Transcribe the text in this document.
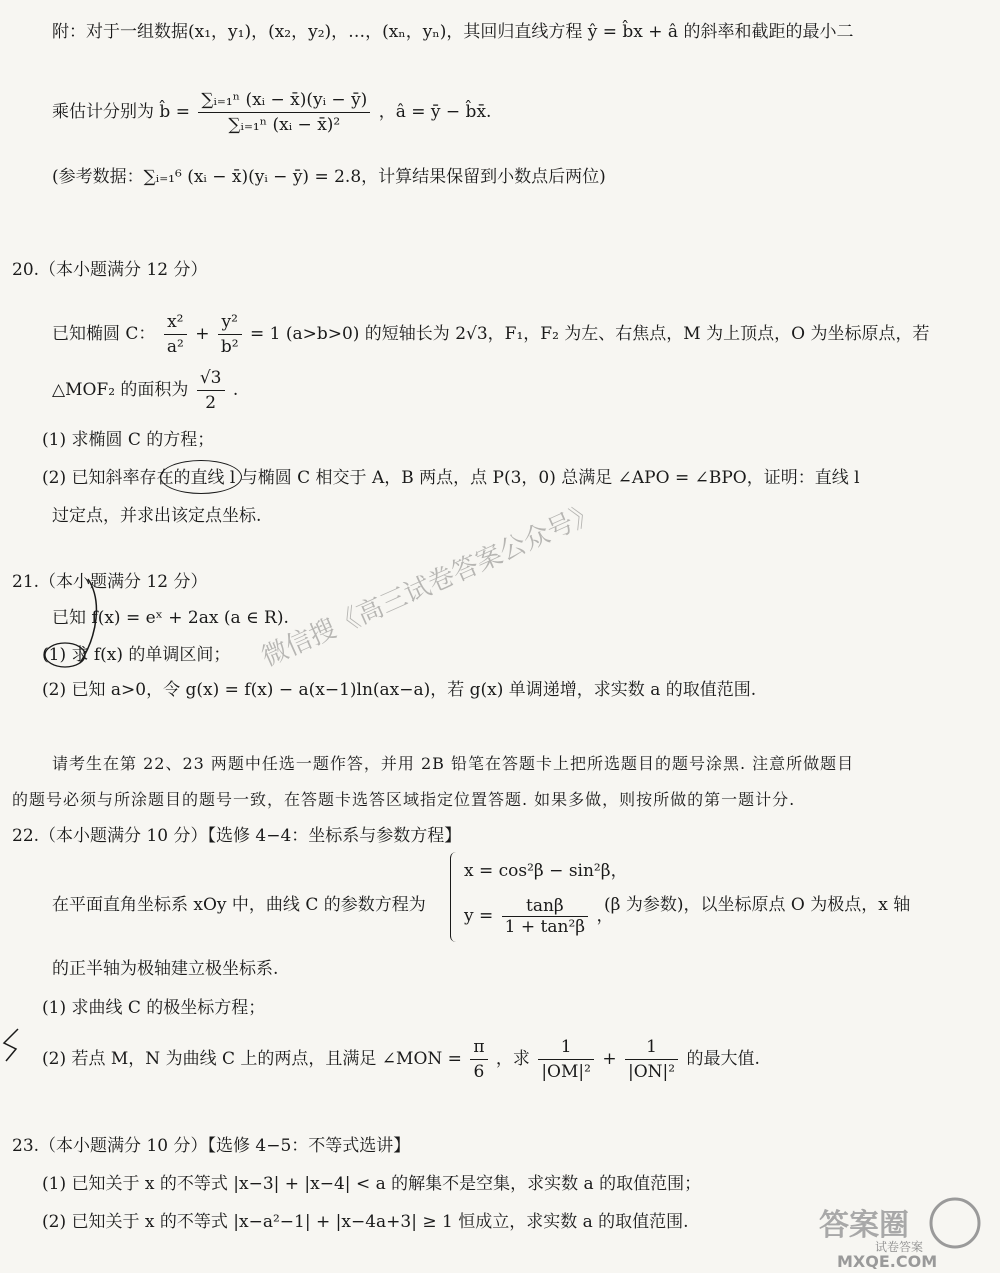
附：对于一组数据(x₁，y₁)，(x₂，y₂)，…，(xₙ，yₙ)，其回归直线方程 ŷ = b̂x + â 的斜率和截距的最小二
乘估计分别为 b̂ = $\frac{\text{∑ᵢ₌₁ⁿ (xᵢ − x̄)(yᵢ − ȳ)}}{\text{∑ᵢ₌₁ⁿ (xᵢ − x̄)²}}$ ，â = ȳ − b̂x̄.
(参考数据：∑ᵢ₌₁⁶ (xᵢ − x̄)(yᵢ − ȳ) = 2.8，计算结果保留到小数点后两位)
20.（本小题满分 12 分）
已知椭圆 C： $\frac{\text{x²}}{\text{a²}} + \frac{\text{y²}}{\text{b²}} = 1$ (a>b>0) 的短轴长为 2√3，F₁，F₂ 为左、右焦点，M 为上顶点，O 为坐标原点，若
△MOF₂ 的面积为 $\frac{√3}{2}$ .
(1) 求椭圆 C 的方程；
(2) 已知斜率存在的直线 l 与椭圆 C 相交于 A，B 两点，点 P(3，0) 总满足 ∠APO = ∠BPO，证明：直线 l
过定点，并求出该定点坐标.
21.（本小题满分 12 分）
已知 f(x) = eˣ + 2ax (a ∈ R).
(1) 求 f(x) 的单调区间；
(2) 已知 a>0，令 g(x) = f(x) − a(x−1)ln(ax−a)，若 g(x) 单调递增，求实数 a 的取值范围.
请考生在第 22、23 两题中任选一题作答，并用 2B 铅笔在答题卡上把所选题目的题号涂黑. 注意所做题目
的题号必须与所涂题目的题号一致，在答题卡选答区域指定位置答题. 如果多做，则按所做的第一题计分.
22.（本小题满分 10 分）【选修 4−4：坐标系与参数方程】
在平面直角坐标系 xOy 中，曲线 C 的参数方程为
x = cos²β − sin²β，
$y = \frac{\tan\beta}{\text{1 + tan²β}}$ ，
(β 为参数)，以坐标原点 O 为极点，x 轴
的正半轴为极轴建立极坐标系.
(1) 求曲线 C 的极坐标方程；
(2) 若点 M，N 为曲线 C 上的两点，且满足 ∠MON = $\frac{\pi}{6}$ ，求 $\frac{1}{\text{|OM|²}} + \frac{1}{\text{|ON|²}}$ 的最大值.
23.（本小题满分 10 分）【选修 4−5：不等式选讲】
(1) 已知关于 x 的不等式 |x−3| + |x−4| < a 的解集不是空集，求实数 a 的取值范围；
(2) 已知关于 x 的不等式 |x−a²−1| + |x−4a+3| ≥ 1 恒成立，求实数 a 的取值范围.
微信搜《高三试卷答案公众号》
答案圈
试卷答案
MXQE.COM
